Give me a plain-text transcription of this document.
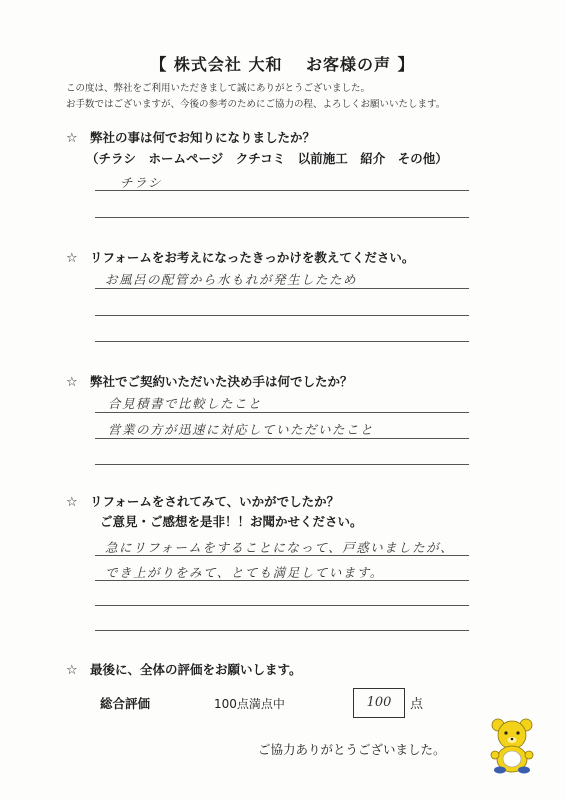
【 株式会社 大和　 お客様の声 】
この度は、弊社をご利用いただきまして誠にありがとうございました。
お手数ではございますが、今後の参考のためにご協力の程、よろしくお願いいたします。
☆ 弊社の事は何でお知りになりましたか？
（チラシ　ホームページ　クチコミ　以前施工　紹介　その他）
チラシ
☆ リフォームをお考えになったきっかけを教えてください。
お風呂の配管から水もれが発生したため
☆ 弊社でご契約いただいた決め手は何でしたか？
合見積書で比較したこと
営業の方が迅速に対応していただいたこと
☆ リフォームをされてみて、いかがでしたか？
ご意見・ご感想を是非！！お聞かせください。
急にリフォームをすることになって、戸惑いましたが、
でき上がりをみて、とても満足しています。
☆ 最後に、全体の評価をお願いします。
総合評価	100点満点中	100	点
ご協力ありがとうございました。
